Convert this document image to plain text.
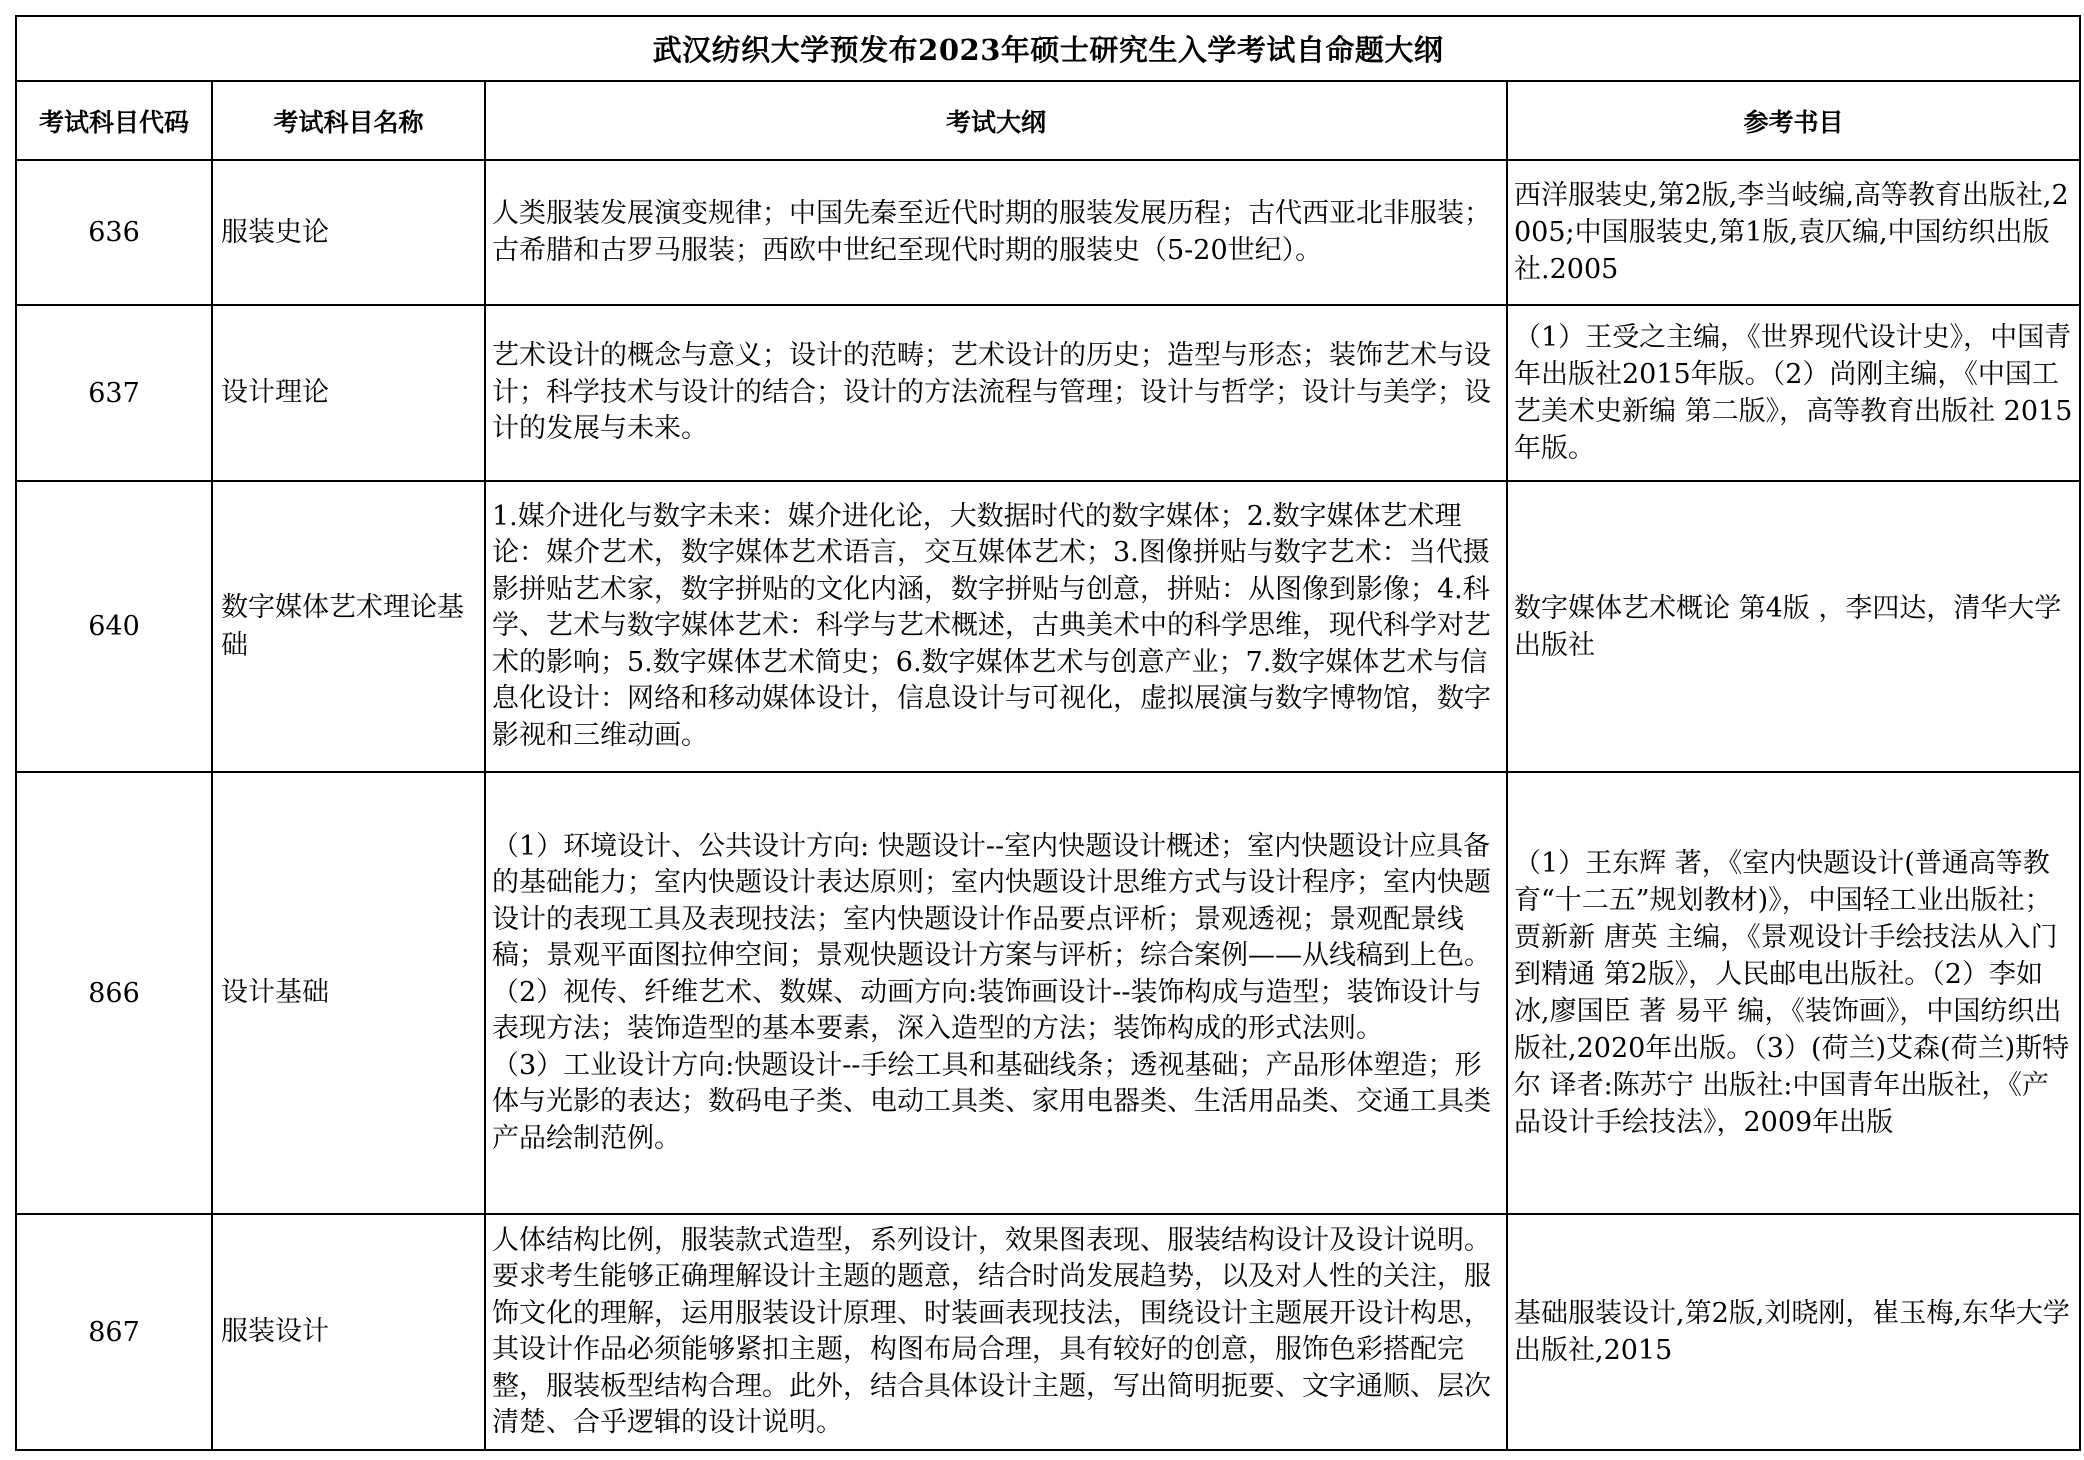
武汉纺织大学预发布2023年硕士研究生入学考试自命题大纲			
考试科目代码	考试科目名称	考试大纲	参考书目
636	服装史论	人类服装发展演变规律；中国先秦至近代时期的服装发展历程；古代西亚北非服装；古希腊和古罗马服装；西欧中世纪至现代时期的服装史（5-20世纪）。	西洋服装史,第2版,李当岐编,高等教育出版社,2005;中国服装史,第1版,袁仄编,中国纺织出版社.2005

637	设计理论	艺术设计的概念与意义；设计的范畴；艺术设计的历史；造型与形态；装饰艺术与设计；科学技术与设计的结合；设计的方法流程与管理；设计与哲学；设计与美学；设计的发展与未来。	（1）王受之主编，《世界现代设计史》，中国青年出版社2015年版。（2）尚刚主编，《中国工艺美术史新编 第二版》，高等教育出版社 2015年版。

640	数字媒体艺术理论基础	1.媒介进化与数字未来：媒介进化论，大数据时代的数字媒体；2.数字媒体艺术理论：媒介艺术，数字媒体艺术语言，交互媒体艺术；3.图像拼贴与数字艺术：当代摄影拼贴艺术家，数字拼贴的文化内涵，数字拼贴与创意，拼贴：从图像到影像；4.科学、艺术与数字媒体艺术：科学与艺术概述，古典美术中的科学思维，现代科学对艺术的影响；5.数字媒体艺术简史；6.数字媒体艺术与创意产业；7.数字媒体艺术与信息化设计：网络和移动媒体设计，信息设计与可视化，虚拟展演与数字博物馆，数字影视和三维动画。	数字媒体艺术概论 第4版 ，李四达，清华大学出版社

866	设计基础	（1）环境设计、公共设计方向: 快题设计--室内快题设计概述；室内快题设计应具备的基础能力；室内快题设计表达原则；室内快题设计思维方式与设计程序；室内快题设计的表现工具及表现技法；室内快题设计作品要点评析；景观透视；景观配景线稿；景观平面图拉伸空间；景观快题设计方案与评析；综合案例——从线稿到上色。
（2）视传、纤维艺术、数媒、动画方向:装饰画设计--装饰构成与造型；装饰设计与表现方法；装饰造型的基本要素，深入造型的方法；装饰构成的形式法则。
（3）工业设计方向:快题设计--手绘工具和基础线条；透视基础；产品形体塑造；形体与光影的表达；数码电子类、电动工具类、家用电器类、生活用品类、交通工具类产品绘制范例。	（1）王东辉 著，《室内快题设计(普通高等教育“十二五”规划教材)》，中国轻工业出版社；贾新新 唐英 主编，《景观设计手绘技法从入门到精通 第2版》，人民邮电出版社。（2）李如冰,廖国臣 著 易平 编，《装饰画》，中国纺织出版社,2020年出版。（3）(荷兰)艾森(荷兰)斯特尔 译者:陈苏宁 出版社:中国青年出版社，《产品设计手绘技法》，2009年出版

867	服装设计	人体结构比例，服装款式造型，系列设计，效果图表现、服装结构设计及设计说明。要求考生能够正确理解设计主题的题意，结合时尚发展趋势，以及对人性的关注，服饰文化的理解，运用服装设计原理、时装画表现技法，围绕设计主题展开设计构思，其设计作品必须能够紧扣主题，构图布局合理，具有较好的创意，服饰色彩搭配完整，服装板型结构合理。此外，结合具体设计主题，写出简明扼要、文字通顺、层次清楚、合乎逻辑的设计说明。	基础服装设计,第2版,刘晓刚，崔玉梅,东华大学出版社,2015
